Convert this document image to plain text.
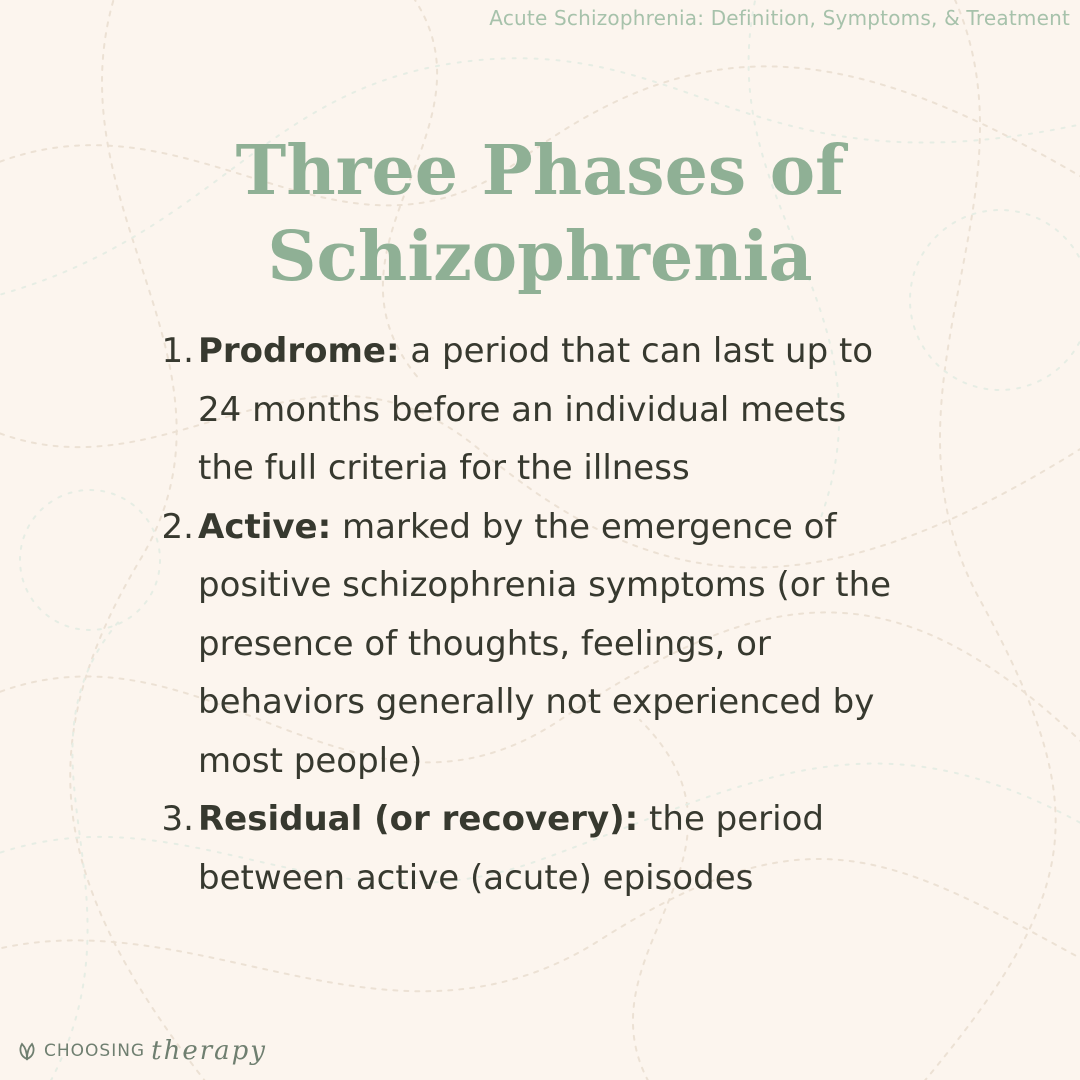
Acute Schizophrenia: Definition, Symptoms, & Treatment
Three Phases of
Schizophrenia
1. Prodrome: a period that can last up to
24 months before an individual meets
the full criteria for the illness
2. Active: marked by the emergence of
positive schizophrenia symptoms (or the
presence of thoughts, feelings, or
behaviors generally not experienced by
most people)
3. Residual (or recovery): the period
between active (acute) episodes
CHOOSING therapy
